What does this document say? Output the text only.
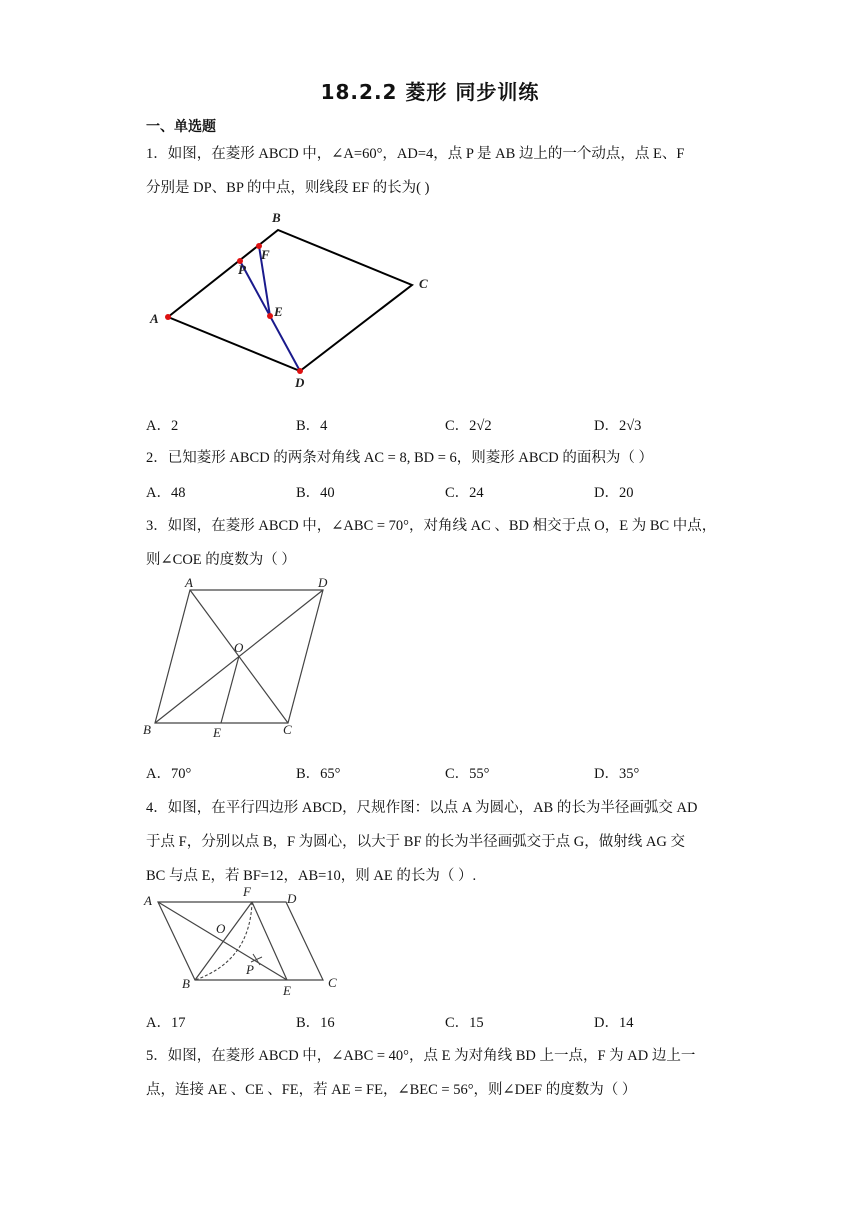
18.2.2 菱形 同步训练
一、单选题
1．如图，在菱形 ABCD 中，∠A=60°，AD=4，点 P 是 AB 边上的一个动点，点 E、F
分别是 DP、BP 的中点，则线段 EF 的长为( )
B
F
P
C
A	E
D
A．2	B．4	C．2√2	D．2√3
2．已知菱形 ABCD 的两条对角线 AC = 8, BD = 6，则菱形 ABCD 的面积为（ ）
A．48	B．40	C．24	D．20
3．如图，在菱形 ABCD 中，∠ABC = 70°，对角线 AC 、BD 相交于点 O，E 为 BC 中点，
则∠COE 的度数为（ ）
A	D
O
B	E	C
A．70°	B．65°	C．55°	D．35°
4．如图，在平行四边形 ABCD，尺规作图：以点 A 为圆心，AB 的长为半径画弧交 AD
于点 F，分别以点 B，F 为圆心，以大于 BF 的长为半径画弧交于点 G，做射线 AG 交
BC 与点 E，若 BF=12，AB=10，则 AE 的长为（ ）.
A
F	D
O
P
B	E
C
A．17	B．16	C．15	D．14
5．如图，在菱形 ABCD 中，∠ABC = 40°，点 E 为对角线 BD 上一点，F 为 AD 边上一
点，连接 AE 、CE 、FE，若 AE = FE，∠BEC = 56°，则∠DEF 的度数为（ ）
